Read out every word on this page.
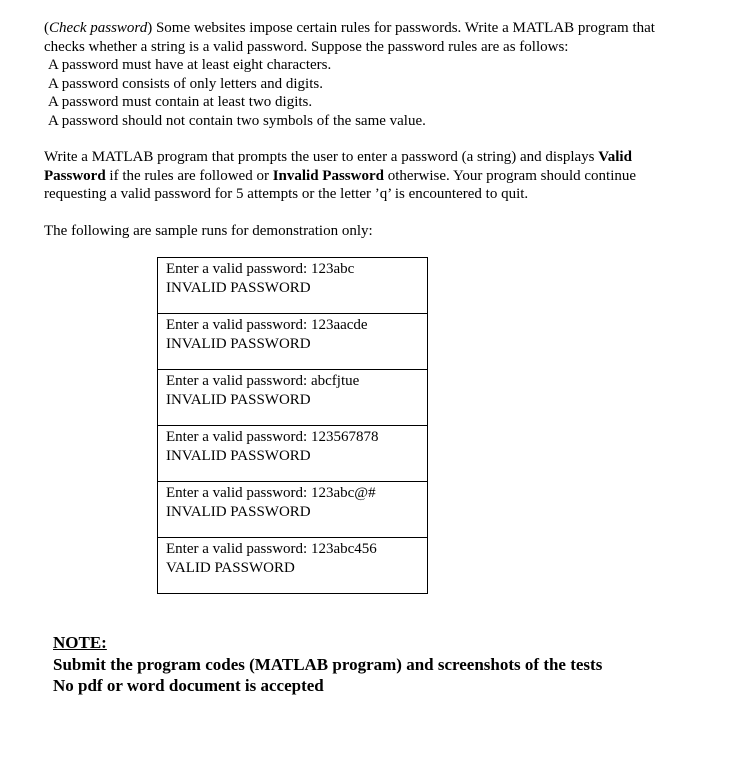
(Check password) Some websites impose certain rules for passwords. Write a MATLAB program that checks whether a string is a valid password. Suppose the password rules are as follows:

A password must have at least eight characters.
A password consists of only letters and digits.
A password must contain at least two digits.
A password should not contain two symbols of the same value.

Write a MATLAB program that prompts the user to enter a password (a string) and displays Valid Password if the rules are followed or Invalid Password otherwise. Your program should continue requesting a valid password for 5 attempts or the letter ’q’ is encountered to quit.

The following are sample runs for demonstration only:

Enter a valid password: 123abc
INVALID PASSWORD

Enter a valid password: 123aacde
INVALID PASSWORD

Enter a valid password: abcfjtue
INVALID PASSWORD

Enter a valid password: 123567878
INVALID PASSWORD

Enter a valid password: 123abc@#
INVALID PASSWORD

Enter a valid password: 123abc456
VALID PASSWORD
NOTE:
Submit the program codes (MATLAB program) and screenshots of the tests
No pdf or word document is accepted
